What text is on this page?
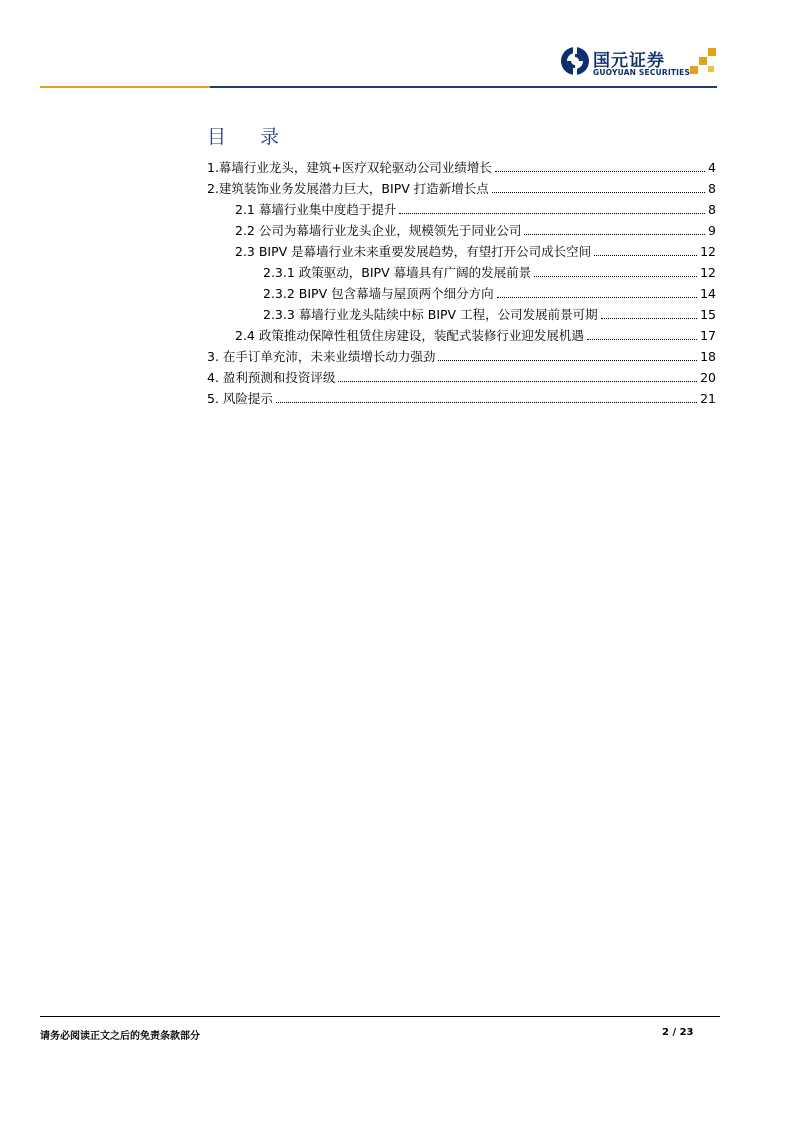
国元证券
GUOYUAN SECURITIES
目 录
1.幕墙行业龙头，建筑+医疗双轮驱动公司业绩增长	4
2.建筑装饰业务发展潜力巨大，BIPV 打造新增长点	8
2.1 幕墙行业集中度趋于提升	8
2.2 公司为幕墙行业龙头企业，规模领先于同业公司	9
2.3 BIPV 是幕墙行业未来重要发展趋势，有望打开公司成长空间	12
2.3.1 政策驱动，BIPV 幕墙具有广阔的发展前景	12
2.3.2 BIPV 包含幕墙与屋顶两个细分方向	14
2.3.3 幕墙行业龙头陆续中标 BIPV 工程，公司发展前景可期	15
2.4 政策推动保障性租赁住房建设，装配式装修行业迎发展机遇	17
3. 在手订单充沛，未来业绩增长动力强劲	18
4. 盈利预测和投资评级	20
5. 风险提示	21
请务必阅读正文之后的免责条款部分	2 / 23
